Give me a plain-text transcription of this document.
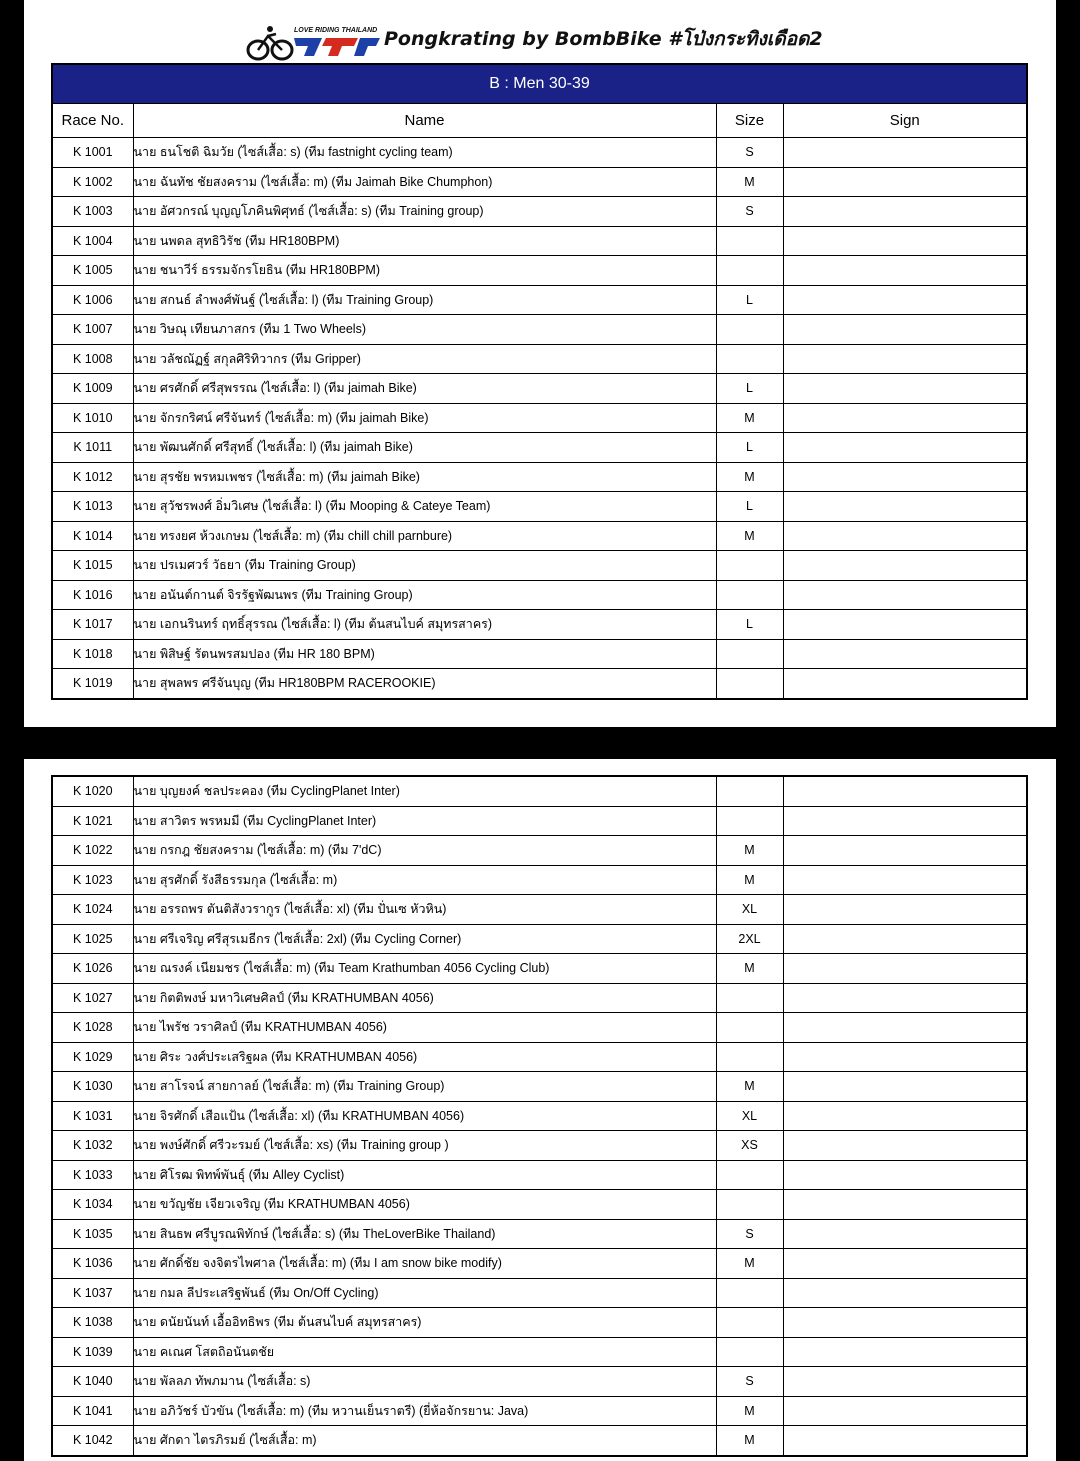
LOVE RIDING THAILAND Pongkrating by BombBike #โป่งกระทิงเดือด2
B : Men 30-39			
Race No.	Name	Size	Sign
K 1001	นาย ธนโชติ ฉิมวัย (ไซส์เสื้อ: s) (ทีม fastnight cycling team)	S	
K 1002	นาย ฉันทัช ชัยสงคราม (ไซส์เสื้อ: m) (ทีม Jaimah Bike Chumphon)	M	
K 1003	นาย อัศวกรณ์ บุญญโภคินพิศุทธ์ (ไซส์เสื้อ: s) (ทีม Training group)	S	
K 1004	นาย นพดล สุทธิวิรัช (ทีม HR180BPM)		
K 1005	นาย ชนาวีร์ ธรรมจักรโยธิน (ทีม HR180BPM)		
K 1006	นาย สกนธ์ ลำพงศ์พันฐ์ (ไซส์เสื้อ: l) (ทีม Training Group)	L	
K 1007	นาย วิษณุ เทียนภาสกร (ทีม 1 Two Wheels)		
K 1008	นาย วลัชณัฏฐ์ สกุลศิริทิวากร (ทีม Gripper)		
K 1009	นาย ศรศักดิ์ ศรีสุพรรณ (ไซส์เสื้อ: l) (ทีม jaimah Bike)	L	
K 1010	นาย จักรกริศน์ ศรีจันทร์ (ไซส์เสื้อ: m) (ทีม jaimah Bike)	M	
K 1011	นาย พัฒนศักดิ์ ศรีสุทธิ์ (ไซส์เสื้อ: l) (ทีม jaimah Bike)	L	
K 1012	นาย สุรชัย พรหมเพชร (ไซส์เสื้อ: m) (ทีม jaimah Bike)	M	
K 1013	นาย สุวัชรพงศ์ อิ่มวิเศษ (ไซส์เสื้อ: l) (ทีม Mooping & Cateye Team)	L	
K 1014	นาย ทรงยศ ห้วงเกษม (ไซส์เสื้อ: m) (ทีม chill chill parnbure)	M	
K 1015	นาย ปรเมศวร์ วัธยา (ทีม Training Group)		
K 1016	นาย อนันต์กานต์ จิรรัฐพัฒนพร (ทีม Training Group)		
K 1017	นาย เอกนรินทร์ ฤทธิ์สุรรณ (ไซส์เสื้อ: l) (ทีม ต้นสนไบค์ สมุทรสาคร)	L	
K 1018	นาย พิสิษฐ์ รัตนพรสมปอง (ทีม HR 180 BPM)		
K 1019	นาย สุพลพร ศรีจันบุญ (ทีม HR180BPM RACEROOKIE)		
K 1020	นาย บุญยงค์ ชลประคอง (ทีม CyclingPlanet Inter)		
K 1021	นาย สาวิตร พรหมมี (ทีม CyclingPlanet Inter)		
K 1022	นาย กรกฎ ชัยสงคราม (ไซส์เสื้อ: m) (ทีม 7'dC)	M	
K 1023	นาย สุรศักดิ์ รังสีธรรมกุล (ไซส์เสื้อ: m)	M	
K 1024	นาย อรรถพร ตันติสังวรากูร (ไซส์เสื้อ: xl) (ทีม ปั่นเซ หัวหิน)	XL	
K 1025	นาย ศรีเจริญ ศรีสุรเมธีกร (ไซส์เสื้อ: 2xl) (ทีม Cycling Corner)	2XL	
K 1026	นาย ณรงค์ เนียมชร (ไซส์เสื้อ: m) (ทีม Team Krathumban 4056 Cycling Club)	M	
K 1027	นาย กิตติพงษ์ มหาวิเศษศิลป์ (ทีม KRATHUMBAN 4056)		
K 1028	นาย ไพรัช วราศิลป์ (ทีม KRATHUMBAN 4056)		
K 1029	นาย ศิระ วงศ์ประเสริฐผล (ทีม KRATHUMBAN 4056)		
K 1030	นาย สาโรจน์ สายกาลย์ (ไซส์เสื้อ: m) (ทีม Training Group)	M	
K 1031	นาย จิรศักดิ์ เสือแป้น (ไซส์เสื้อ: xl) (ทีม KRATHUMBAN 4056)	XL	
K 1032	นาย พงษ์ศักดิ์ ศรีวะรมย์ (ไซส์เสื้อ: xs) (ทีม Training group )	XS	
K 1033	นาย ศิโรฒ พิทพ์พันธุ์ (ทีม Alley Cyclist)		
K 1034	นาย ขวัญชัย เจียวเจริญ (ทีม KRATHUMBAN 4056)		
K 1035	นาย สินธพ ศรีบูรณพิทักษ์ (ไซส์เสื้อ: s) (ทีม TheLoverBike Thailand)	S	
K 1036	นาย ศักดิ์ชัย จงจิตรไพศาล (ไซส์เสื้อ: m) (ทีม I am snow bike modify)	M	
K 1037	นาย กมล ลีประเสริฐพันธ์ (ทีม On/Off Cycling)		
K 1038	นาย ดนัยนันท์ เอื้ออิทธิพร (ทีม ต้นสนไบค์ สมุทรสาคร)		
K 1039	นาย คเณศ โสตถิอนันตชัย		
K 1040	นาย พัลลภ ทัพภมาน (ไซส์เสื้อ: s)	S	
K 1041	นาย อภิวัชร์ บัวขัน (ไซส์เสื้อ: m) (ทีม หวานเย็นราตรี) (ยี่ห้อจักรยาน: Java)	M	
K 1042	นาย ศักดา ไตรภิรมย์ (ไซส์เสื้อ: m)	M	
